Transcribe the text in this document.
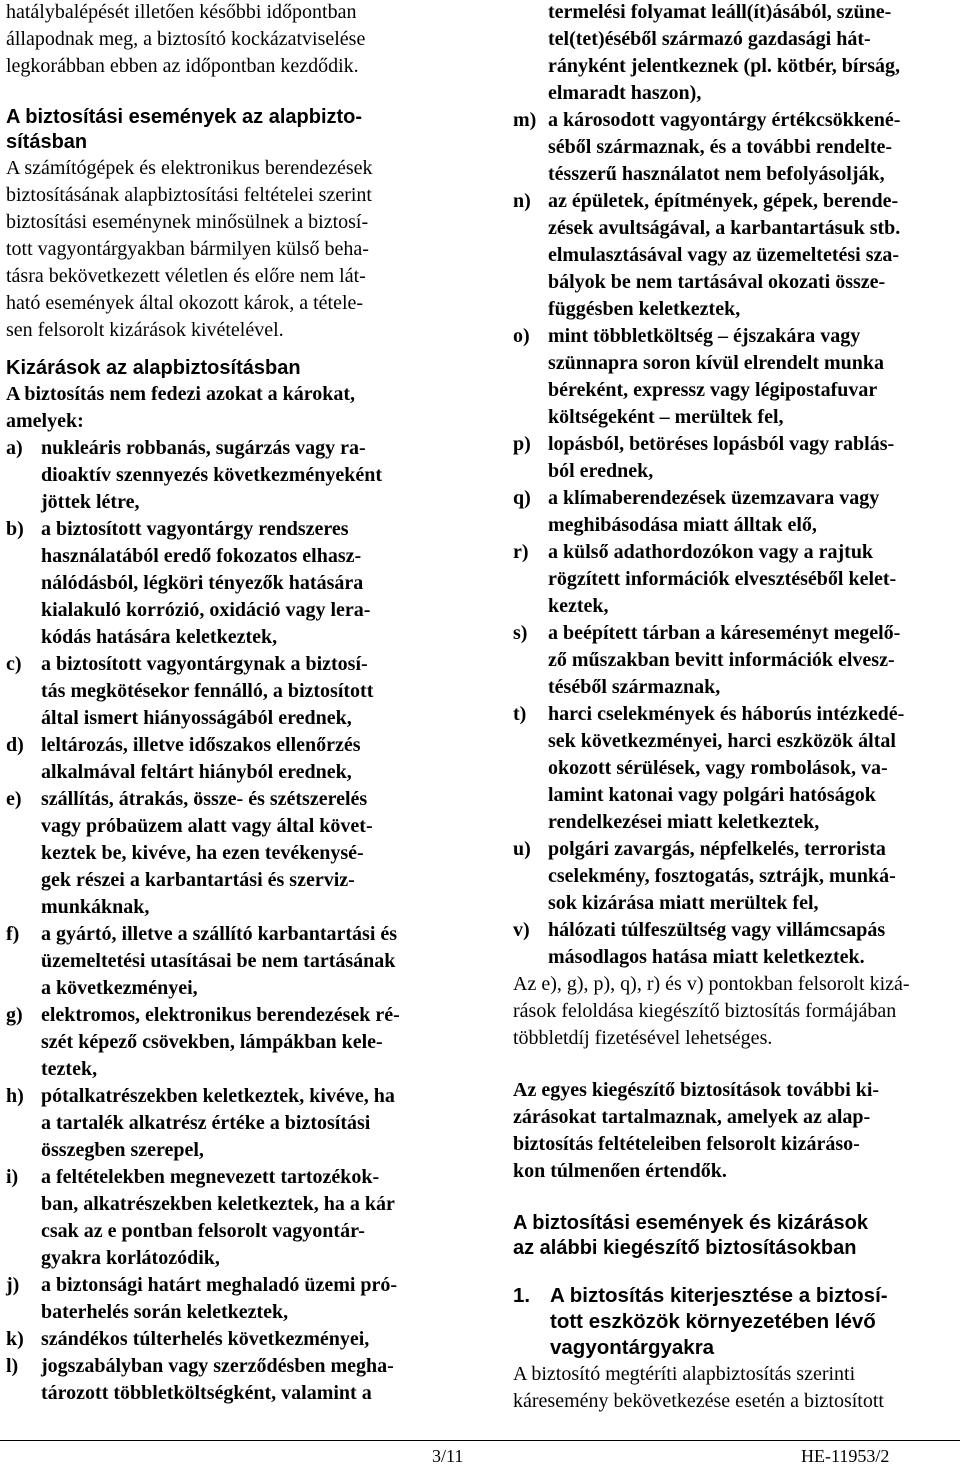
hatálybalépését illetően későbbi időpontban
állapodnak meg, a biztosító kockázatviselése
legkorábban ebben az időpontban kezdődik.
A biztosítási események az alapbizto-
sításban
A számítógépek és elektronikus berendezések
biztosításának alapbiztosítási feltételei szerint
biztosítási eseménynek minősülnek a biztosí-
tott vagyontárgyakban bármilyen külső beha-
tásra bekövetkezett véletlen és előre nem lát-
ható események által okozott károk, a tétele-
sen felsorolt kizárások kivételével.
Kizárások az alapbiztosításban
A biztosítás nem fedezi azokat a károkat,
amelyek:
a) nukleáris robbanás, sugárzás vagy ra-
dioaktív szennyezés következményeként
jöttek létre,
b) a biztosított vagyontárgy rendszeres
használatából eredő fokozatos elhasz-
nálódásból, légköri tényezők hatására
kialakuló korrózió, oxidáció vagy lera-
kódás hatására keletkeztek,
c) a biztosított vagyontárgynak a biztosí-
tás megkötésekor fennálló, a biztosított
által ismert hiányosságából erednek,
d) leltározás, illetve időszakos ellenőrzés
alkalmával feltárt hiányból erednek,
e) szállítás, átrakás, össze- és szétszerelés
vagy próbaüzem alatt vagy által követ-
keztek be, kivéve, ha ezen tevékenysé-
gek részei a karbantartási és szerviz-
munkáknak,
f) a gyártó, illetve a szállító karbantartási és
üzemeltetési utasításai be nem tartásának
a következményei,
g) elektromos, elektronikus berendezések ré-
szét képező csövekben, lámpákban kele-
teztek,
h) pótalkatrészekben keletkeztek, kivéve, ha
a tartalék alkatrész értéke a biztosítási
összegben szerepel,
i) a feltételekben megnevezett tartozékok-
ban, alkatrészekben keletkeztek, ha a kár
csak az e pontban felsorolt vagyontár-
gyakra korlátozódik,
j) a biztonsági határt meghaladó üzemi pró-
baterhelés során keletkeztek,
k) szándékos túlterhelés következményei,
l) jogszabályban vagy szerződésben megha-
tározott többletköltségként, valamint a
termelési folyamat leáll(ít)ásából, szüne-
tel(tet)éséből származó gazdasági hát-
rányként jelentkeznek (pl. kötbér, bírság,
elmaradt haszon),
m) a károsodott vagyontárgy értékcsökkené-
séből származnak, és a további rendelte-
tésszerű használatot nem befolyásolják,
n) az épületek, építmények, gépek, berende-
zések avultságával, a karbantartásuk stb.
elmulasztásával vagy az üzemeltetési sza-
bályok be nem tartásával okozati össze-
függésben keletkeztek,
o) mint többletköltség – éjszakára vagy
szünnapra soron kívül elrendelt munka
béreként, expressz vagy légipostafuvar
költségeként – merültek fel,
p) lopásból, betöréses lopásból vagy rablás-
ból erednek,
q) a klímaberendezések üzemzavara vagy
meghibásodása miatt álltak elő,
r) a külső adathordozókon vagy a rajtuk
rögzített információk elvesztéséből kelet-
keztek,
s) a beépített tárban a káreseményt megelő-
ző műszakban bevitt információk elvesz-
téséből származnak,
t) harci cselekmények és háborús intézkedé-
sek következményei, harci eszközök által
okozott sérülések, vagy rombolások, va-
lamint katonai vagy polgári hatóságok
rendelkezései miatt keletkeztek,
u) polgári zavargás, népfelkelés, terrorista
cselekmény, fosztogatás, sztrájk, munká-
sok kizárása miatt merültek fel,
v) hálózati túlfeszültség vagy villámcsapás
másodlagos hatása miatt keletkeztek.
Az e), g), p), q), r) és v) pontokban felsorolt kizá-
rások feloldása kiegészítő biztosítás formájában
többletdíj fizetésével lehetséges.
Az egyes kiegészítő biztosítások további ki-
zárásokat tartalmaznak, amelyek az alap-
biztosítás feltételeiben felsorolt kizáráso-
kon túlmenően értendők.
A biztosítási események és kizárások
az alábbi kiegészítő biztosításokban
1. A biztosítás kiterjesztése a biztosí-
tott eszközök környezetében lévő
vagyontárgyakra
A biztosító megtéríti alapbiztosítás szerinti
káresemény bekövetkezése esetén a biztosított
3/11	HE-11953/2
